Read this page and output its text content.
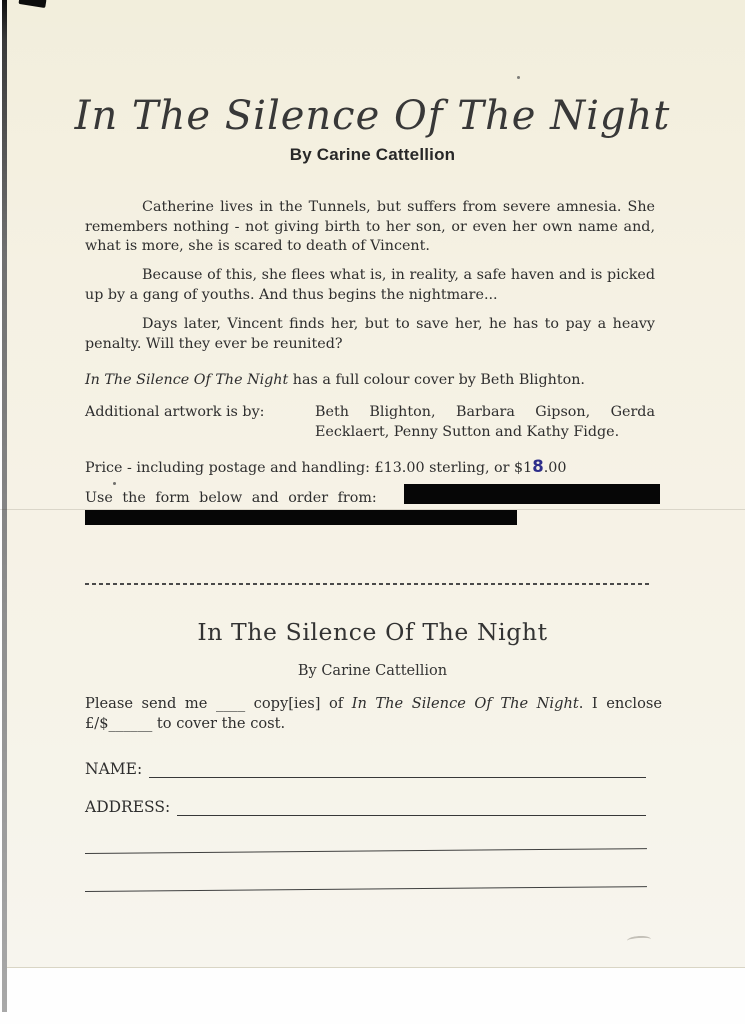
In The Silence Of The Night
By Carine Cattellion

Catherine lives in the Tunnels, but suffers from severe amnesia. She remembers nothing - not giving birth to her son, or even her own name and, what is more, she is scared to death of Vincent.

Because of this, she flees what is, in reality, a safe haven and is picked up by a gang of youths. And thus begins the nightmare...

Days later, Vincent finds her, but to save her, he has to pay a heavy penalty. Will they ever be reunited?

In The Silence Of The Night has a full colour cover by Beth Blighton.

Additional artwork is by:	Beth Blighton, Barbara Gipson, Gerda Eecklaert, Penny Sutton and Kathy Fidge.

Price - including postage and handling: £13.00 sterling, or $18.00

Use the form below and order from:

In The Silence Of The Night
By Carine Cattellion

Please send me ____ copy[ies] of In The Silence Of The Night. I enclose £/$______ to cover the cost.

NAME:
ADDRESS:
